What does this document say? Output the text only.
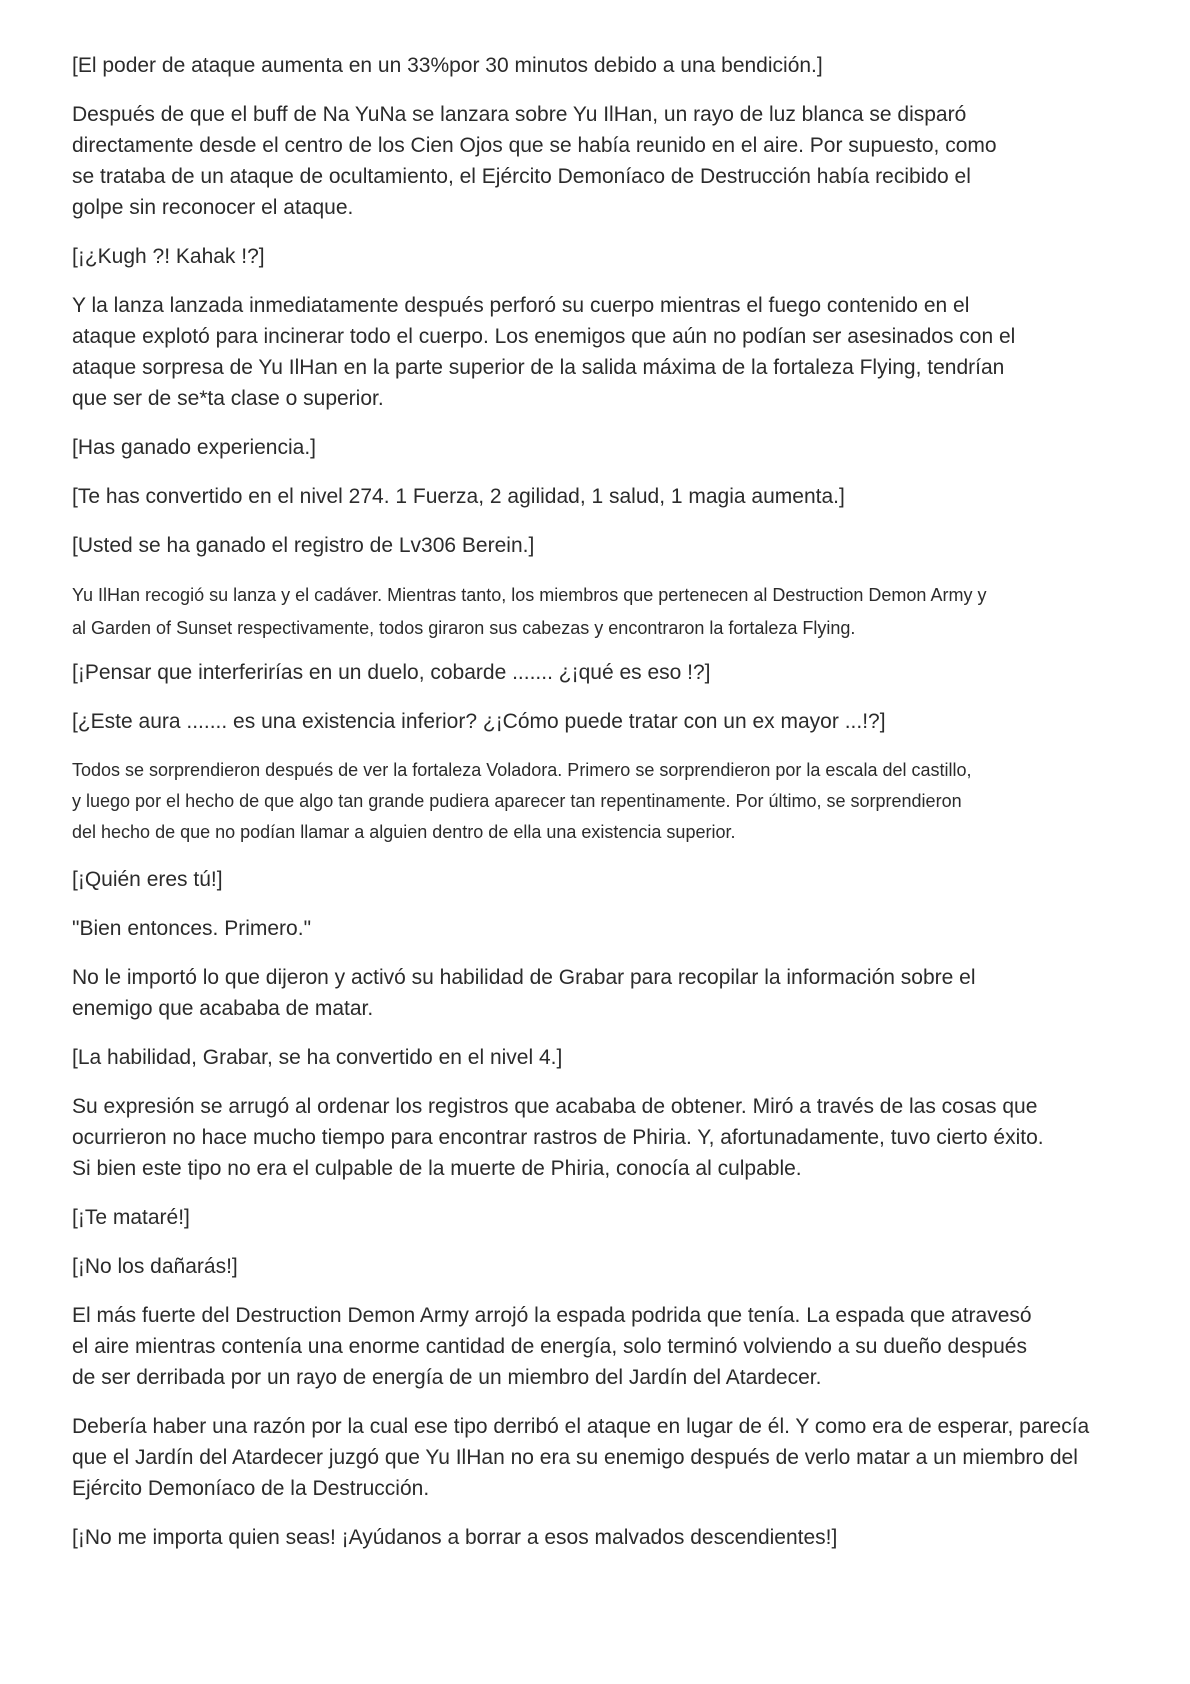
[El poder de ataque aumenta en un 33%por 30 minutos debido a una bendición.]

Después de que el buff de Na YuNa se lanzara sobre Yu IlHan, un rayo de luz blanca se disparó
directamente desde el centro de los Cien Ojos que se había reunido en el aire. Por supuesto, como
se trataba de un ataque de ocultamiento, el Ejército Demoníaco de Destrucción había recibido el
golpe sin reconocer el ataque.

[¡¿Kugh ?! Kahak !?]

Y la lanza lanzada inmediatamente después perforó su cuerpo mientras el fuego contenido en el
ataque explotó para incinerar todo el cuerpo. Los enemigos que aún no podían ser asesinados con el
ataque sorpresa de Yu IlHan en la parte superior de la salida máxima de la fortaleza Flying, tendrían
que ser de se*ta clase o superior.

[Has ganado experiencia.]

[Te has convertido en el nivel 274. 1 Fuerza, 2 agilidad, 1 salud, 1 magia aumenta.]

[Usted se ha ganado el registro de Lv306 Berein.]

Yu IlHan recogió su lanza y el cadáver. Mientras tanto, los miembros que pertenecen al Destruction Demon Army y
al Garden of Sunset respectivamente, todos giraron sus cabezas y encontraron la fortaleza Flying.

[¡Pensar que interferirías en un duelo, cobarde ....... ¿¡qué es eso !?]

[¿Este aura ....... es una existencia inferior? ¿¡Cómo puede tratar con un ex mayor ...!?]

Todos se sorprendieron después de ver la fortaleza Voladora. Primero se sorprendieron por la escala del castillo,
y luego por el hecho de que algo tan grande pudiera aparecer tan repentinamente. Por último, se sorprendieron
del hecho de que no podían llamar a alguien dentro de ella una existencia superior.

[¡Quién eres tú!]

"Bien entonces. Primero."

No le importó lo que dijeron y activó su habilidad de Grabar para recopilar la información sobre el
enemigo que acababa de matar.

[La habilidad, Grabar, se ha convertido en el nivel 4.]

Su expresión se arrugó al ordenar los registros que acababa de obtener. Miró a través de las cosas que
ocurrieron no hace mucho tiempo para encontrar rastros de Phiria. Y, afortunadamente, tuvo cierto éxito.
Si bien este tipo no era el culpable de la muerte de Phiria, conocía al culpable.

[¡Te mataré!]

[¡No los dañarás!]

El más fuerte del Destruction Demon Army arrojó la espada podrida que tenía. La espada que atravesó
el aire mientras contenía una enorme cantidad de energía, solo terminó volviendo a su dueño después
de ser derribada por un rayo de energía de un miembro del Jardín del Atardecer.

Debería haber una razón por la cual ese tipo derribó el ataque en lugar de él. Y como era de esperar, parecía
que el Jardín del Atardecer juzgó que Yu IlHan no era su enemigo después de verlo matar a un miembro del
Ejército Demoníaco de la Destrucción.

[¡No me importa quien seas! ¡Ayúdanos a borrar a esos malvados descendientes!]
